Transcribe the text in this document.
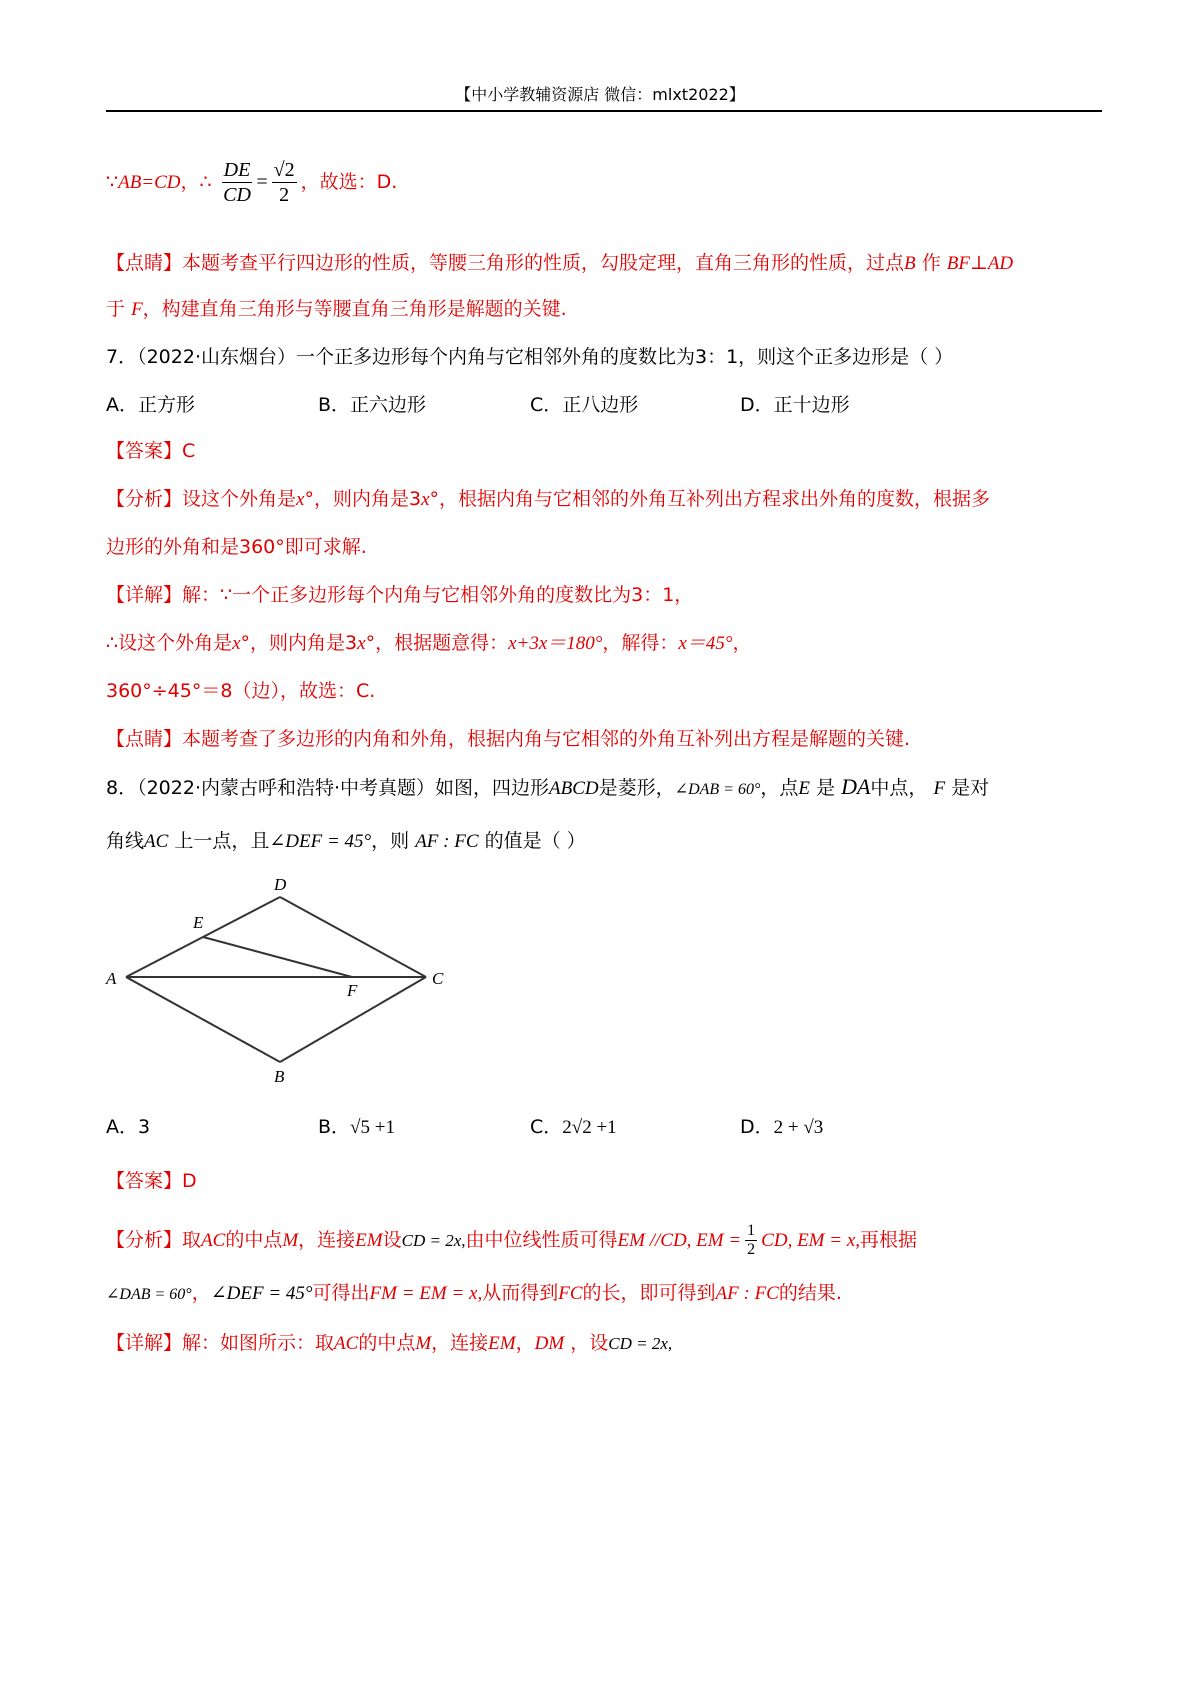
【中小学教辅资源店 微信：mlxt2022】
∵AB=CD，∴ $\frac{DE}{CD} = \frac{√2}{2}$ ，故选：D.
【点睛】本题考查平行四边形的性质，等腰三角形的性质，勾股定理，直角三角形的性质，过点B 作 BF⊥AD
于 F，构建直角三角形与等腰直角三角形是解题的关键.
7．（2022·山东烟台）一个正多边形每个内角与它相邻外角的度数比为3：1，则这个正多边形是（ ）
A．正方形	B．正六边形	C．正八边形	D．正十边形
【答案】C
【分析】设这个外角是x°，则内角是3x°，根据内角与它相邻的外角互补列出方程求出外角的度数，根据多
边形的外角和是360°即可求解.
【详解】解：∵一个正多边形每个内角与它相邻外角的度数比为3：1，
∴设这个外角是x°，则内角是3x°，根据题意得：x+3x＝180°，解得：x＝45°，
360°÷45°＝8（边），故选：C.
【点睛】本题考查了多边形的内角和外角，根据内角与它相邻的外角互补列出方程是解题的关键.
8．（2022·内蒙古呼和浩特·中考真题）如图，四边形ABCD是菱形，∠DAB = 60°，点E 是 DA中点， F 是对
角线AC 上一点，且∠DEF = 45°，则 AF : FC 的值是（ ）
A
D
E
F
C
B
A．3	B．√5 +1	C．2√2 +1	D．2 + √3
【答案】D
【分析】取AC的中点M，连接EM设CD = 2x,由中位线性质可得EM //CD, EM = $\frac{1}{2}$ CD, EM = x,再根据
∠DAB = 60°，∠DEF = 45°可得出FM = EM = x,从而得到FC的长，即可得到AF : FC的结果.
【详解】解：如图所示：取AC的中点M，连接EM，DM ，设CD = 2x,
